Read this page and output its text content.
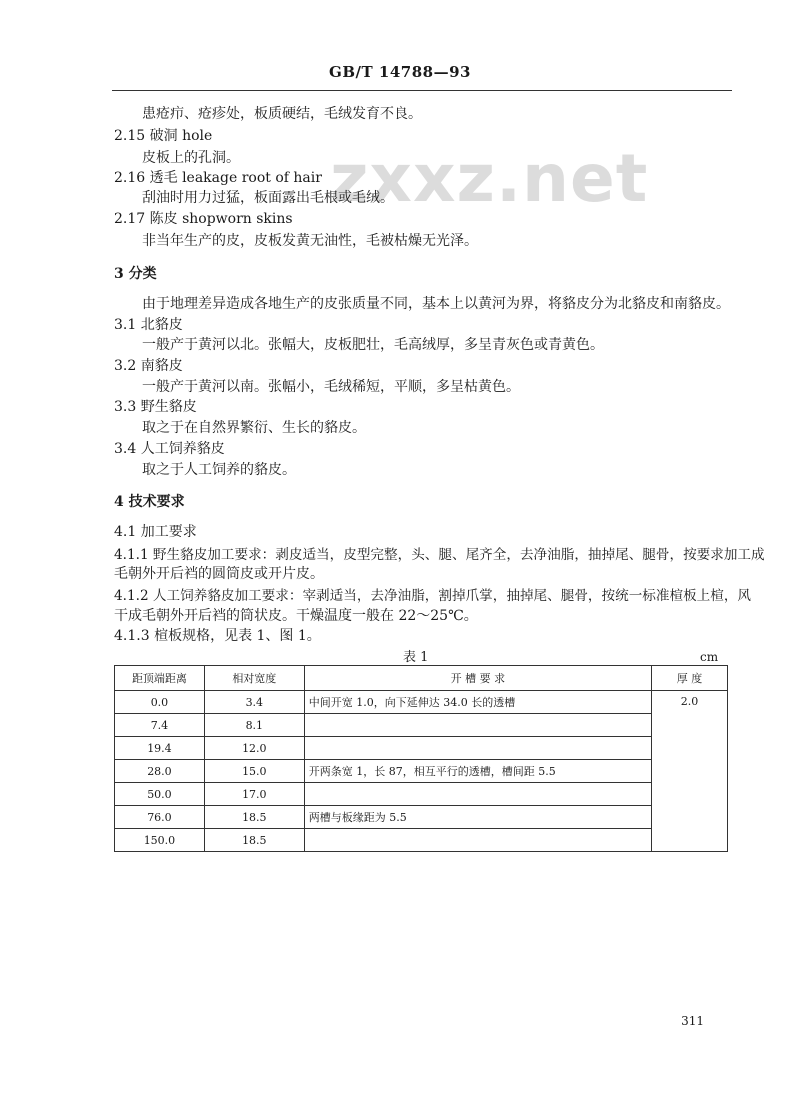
GB/T 14788—93
zxxz.net
患疮疖、疮疹处，板质硬结，毛绒发育不良。
2.15 破洞 hole
皮板上的孔洞。
2.16 透毛 leakage root of hair
刮油时用力过猛，板面露出毛根或毛绒。
2.17 陈皮 shopworn skins
非当年生产的皮，皮板发黄无油性，毛被枯燥无光泽。
3 分类
由于地理差异造成各地生产的皮张质量不同，基本上以黄河为界，将貉皮分为北貉皮和南貉皮。
3.1 北貉皮
一般产于黄河以北。张幅大，皮板肥壮，毛高绒厚，多呈青灰色或青黄色。
3.2 南貉皮
一般产于黄河以南。张幅小，毛绒稀短，平顺，多呈枯黄色。
3.3 野生貉皮
取之于在自然界繁衍、生长的貉皮。
3.4 人工饲养貉皮
取之于人工饲养的貉皮。
4 技术要求
4.1 加工要求
4.1.1 野生貉皮加工要求：剥皮适当，皮型完整，头、腿、尾齐全，去净油脂，抽掉尾、腿骨，按要求加工成
毛朝外开后裆的圆筒皮或开片皮。
4.1.2 人工饲养貉皮加工要求：宰剥适当，去净油脂，割掉爪掌，抽掉尾、腿骨，按统一标准楦板上楦，风
干成毛朝外开后裆的筒状皮。干燥温度一般在 22～25℃。
4.1.3 楦板规格，见表 1、图 1。
表 1	cm
距顶端距离	相对宽度	开 槽 要 求	厚 度
0.0	3.4	中间开宽 1.0，向下延伸达 34.0 长的透槽	2.0
7.4	8.1		
19.4	12.0		
28.0	15.0	开两条宽 1，长 87，相互平行的透槽，槽间距 5.5	
50.0	17.0		
76.0	18.5	两槽与板缘距为 5.5	
150.0	18.5		
311
